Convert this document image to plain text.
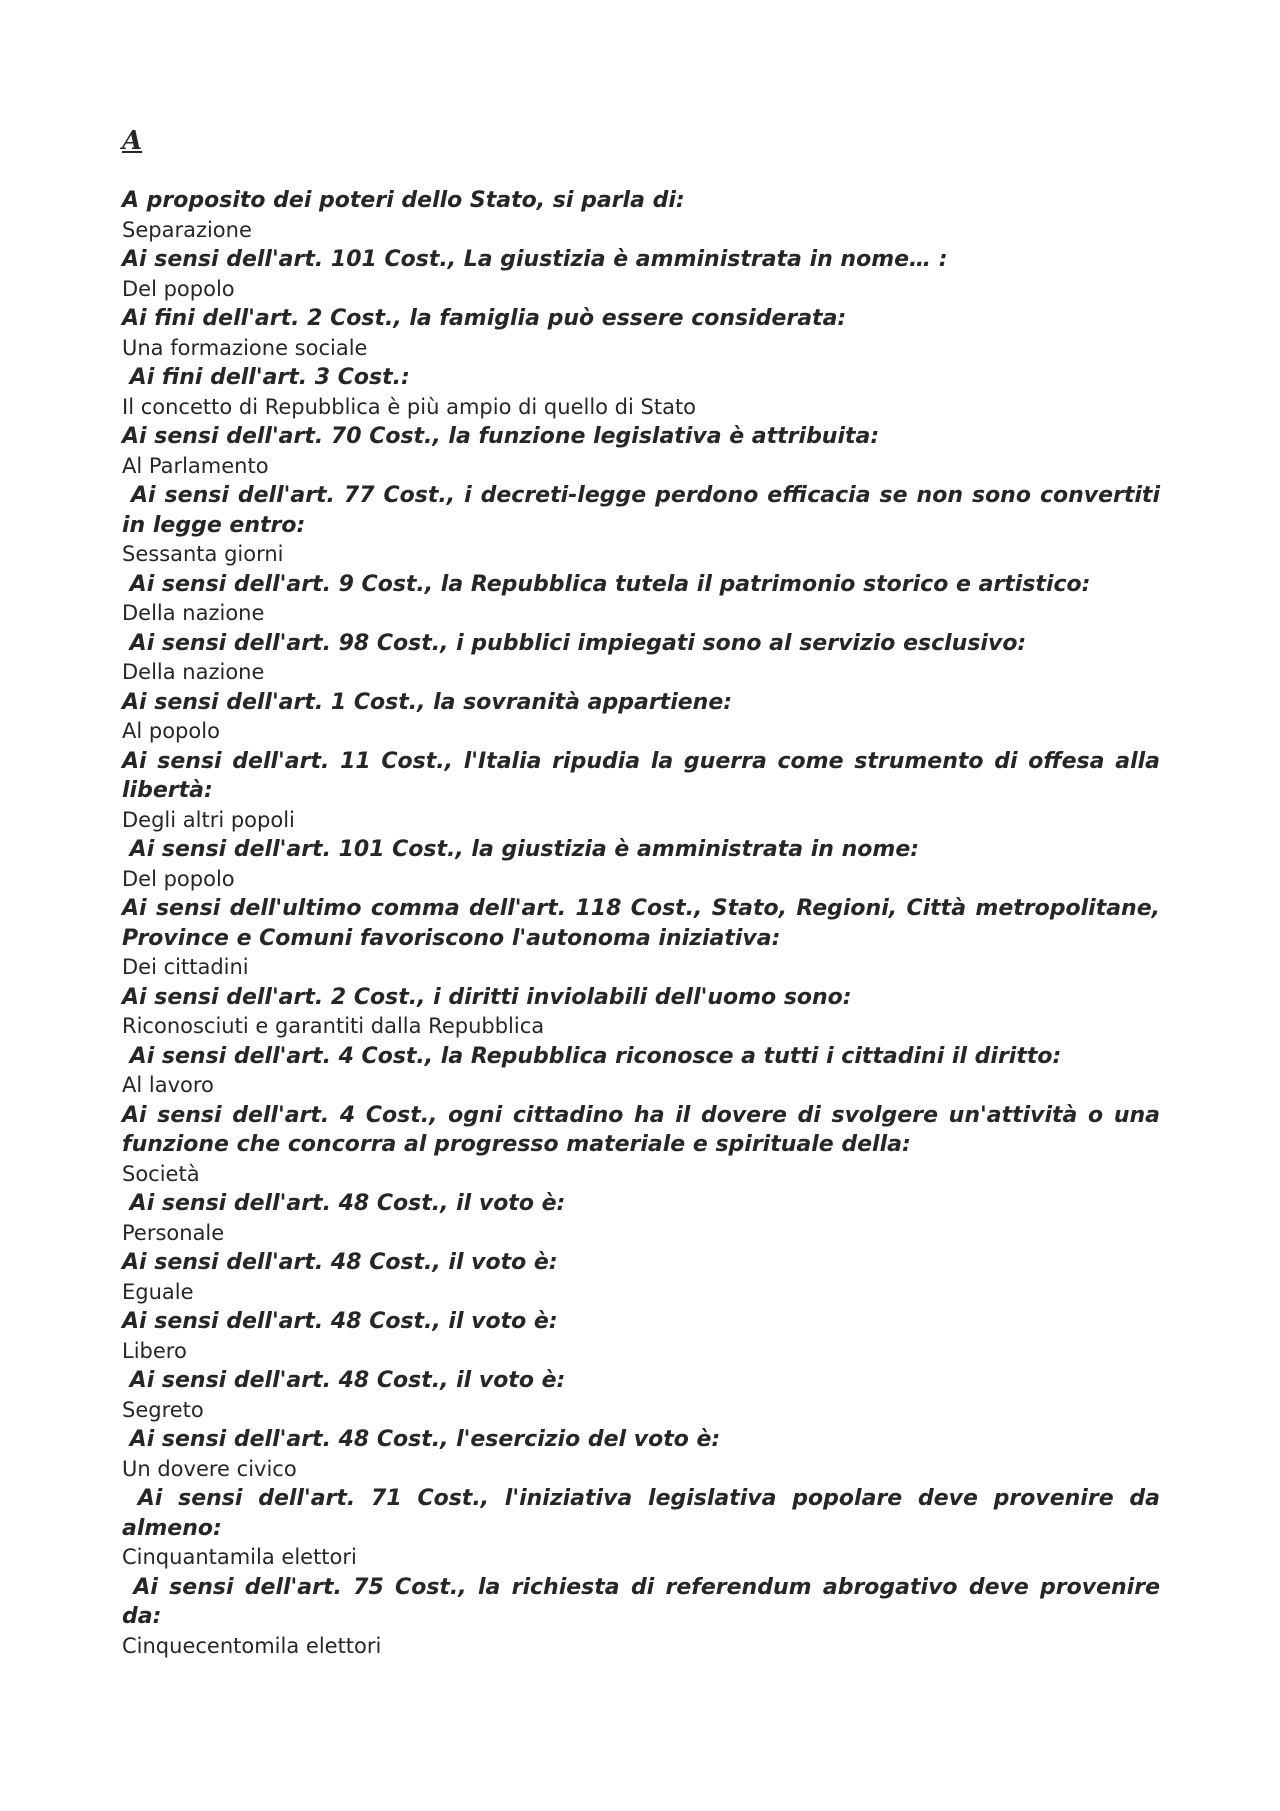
A

A proposito dei poteri dello Stato, si parla di:

Separazione

Ai sensi dell'art. 101 Cost., La giustizia è amministrata in nome… :

Del popolo

Ai fini dell'art. 2 Cost., la famiglia può essere considerata:

Una formazione sociale

Ai fini dell'art. 3 Cost.:

Il concetto di Repubblica è più ampio di quello di Stato

Ai sensi dell'art. 70 Cost., la funzione legislativa è attribuita:

Al Parlamento

Ai sensi dell'art. 77 Cost., i decreti-legge perdono efficacia se non sono convertiti in legge entro:

Sessanta giorni

Ai sensi dell'art. 9 Cost., la Repubblica tutela il patrimonio storico e artistico:

Della nazione

Ai sensi dell'art. 98 Cost., i pubblici impiegati sono al servizio esclusivo:

Della nazione

Ai sensi dell'art. 1 Cost., la sovranità appartiene:

Al popolo

Ai sensi dell'art. 11 Cost., l'Italia ripudia la guerra come strumento di offesa alla libertà:

Degli altri popoli

Ai sensi dell'art. 101 Cost., la giustizia è amministrata in nome:

Del popolo

Ai sensi dell'ultimo comma dell'art. 118 Cost., Stato, Regioni, Città metropolitane, Province e Comuni favoriscono l'autonoma iniziativa:

Dei cittadini

Ai sensi dell'art. 2 Cost., i diritti inviolabili dell'uomo sono:

Riconosciuti e garantiti dalla Repubblica

Ai sensi dell'art. 4 Cost., la Repubblica riconosce a tutti i cittadini il diritto:

Al lavoro

Ai sensi dell'art. 4 Cost., ogni cittadino ha il dovere di svolgere un'attività o una funzione che concorra al progresso materiale e spirituale della:

Società

Ai sensi dell'art. 48 Cost., il voto è:

Personale

Ai sensi dell'art. 48 Cost., il voto è:

Eguale

Ai sensi dell'art. 48 Cost., il voto è:

Libero

Ai sensi dell'art. 48 Cost., il voto è:

Segreto

Ai sensi dell'art. 48 Cost., l'esercizio del voto è:

Un dovere civico

Ai sensi dell'art. 71 Cost., l'iniziativa legislativa popolare deve provenire da almeno:

Cinquantamila elettori

Ai sensi dell'art. 75 Cost., la richiesta di referendum abrogativo deve provenire da:

Cinquecentomila elettori
